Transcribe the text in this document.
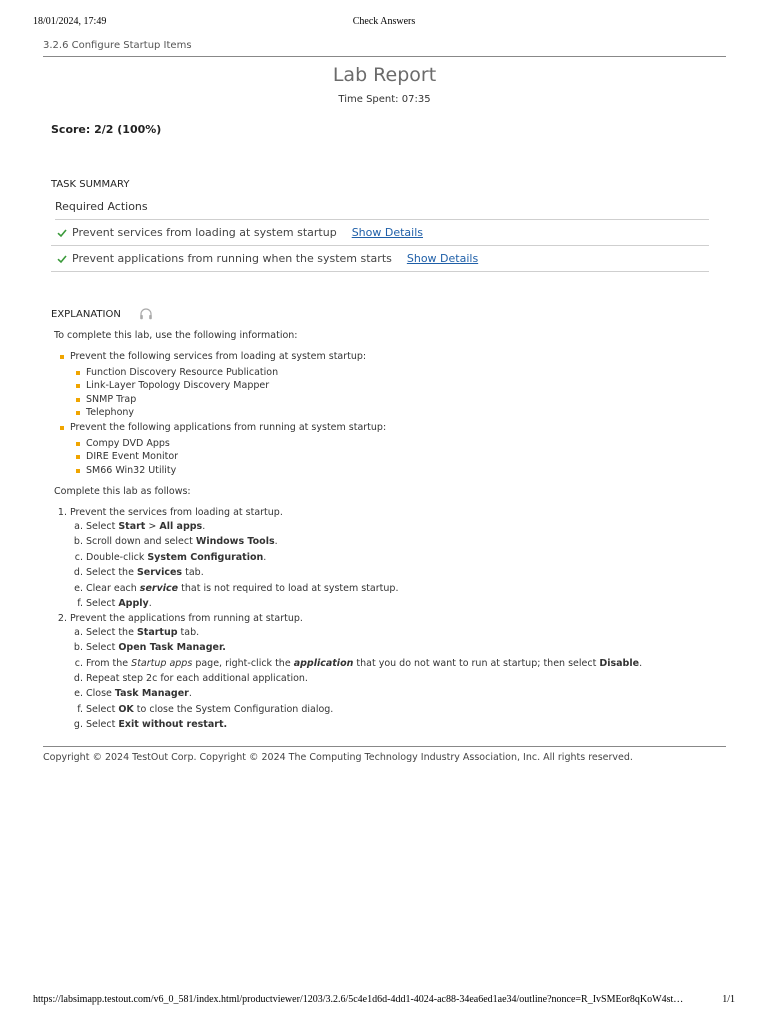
18/01/2024, 17:49	Check Answers
3.2.6 Configure Startup Items
Lab Report
Time Spent: 07:35
Score: 2/2 (100%)
TASK SUMMARY
Required Actions
Prevent services from loading at system startup Show Details
Prevent applications from running when the system starts Show Details
EXPLANATION

To complete this lab, use the following information:

Prevent the following services from loading at system startup:
Function Discovery Resource Publication
Link-Layer Topology Discovery Mapper
SNMP Trap
Telephony
Prevent the following applications from running at system startup:
Compy DVD Apps
DIRE Event Monitor
SM66 Win32 Utility

Complete this lab as follows:

1. Prevent the services from loading at startup.
a. Select Start > All apps.
b. Scroll down and select Windows Tools.
c. Double-click System Configuration.
d. Select the Services tab.
e. Clear each service that is not required to load at system startup.
f. Select Apply.
2. Prevent the applications from running at startup.
a. Select the Startup tab.
b. Select Open Task Manager.
c. From the Startup apps page, right-click the application that you do not want to run at startup; then select Disable.
d. Repeat step 2c for each additional application.
e. Close Task Manager.
f. Select OK to close the System Configuration dialog.
g. Select Exit without restart.
Copyright © 2024 TestOut Corp. Copyright © 2024 The Computing Technology Industry Association, Inc. All rights reserved.
https://labsimapp.testout.com/v6_0_581/index.html/productviewer/1203/3.2.6/5c4e1d6d-4dd1-4024-ac88-34ea6ed1ae34/outline?nonce=R_IvSMEor8qKoW4st…	1/1
